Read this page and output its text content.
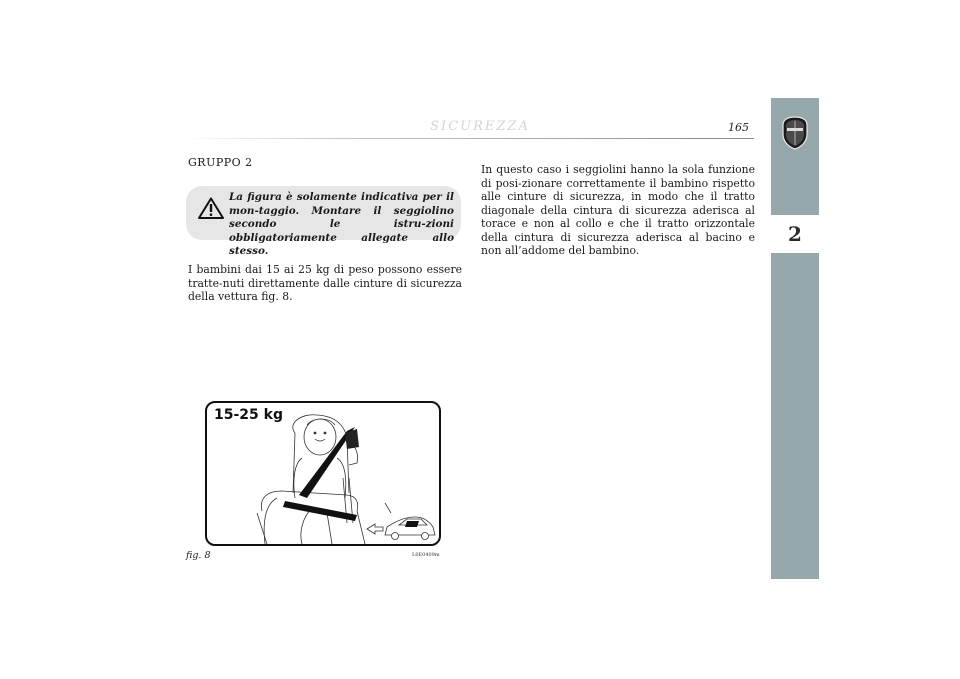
SICUREZZA	165
2
GRUPPO 2
La figura è solamente indicativa per il mon-taggio. Montare il seggiolino secondo le istru-zioni obbligatoriamente allegate allo stesso.
I bambini dai 15 ai 25 kg di peso possono essere tratte-nuti direttamente dalle cinture di sicurezza della vettura fig. 8.
In questo caso i seggiolini hanno la sola funzione di posi-zionare correttamente il bambino rispetto alle cinture di sicurezza, in modo che il tratto diagonale della cintura di sicurezza aderisca al torace e non al collo e che il tratto orizzontale della cintura di sicurezza aderisca al bacino e non all’addome del bambino.
15-25 kg
fig. 8	L0E0409m
